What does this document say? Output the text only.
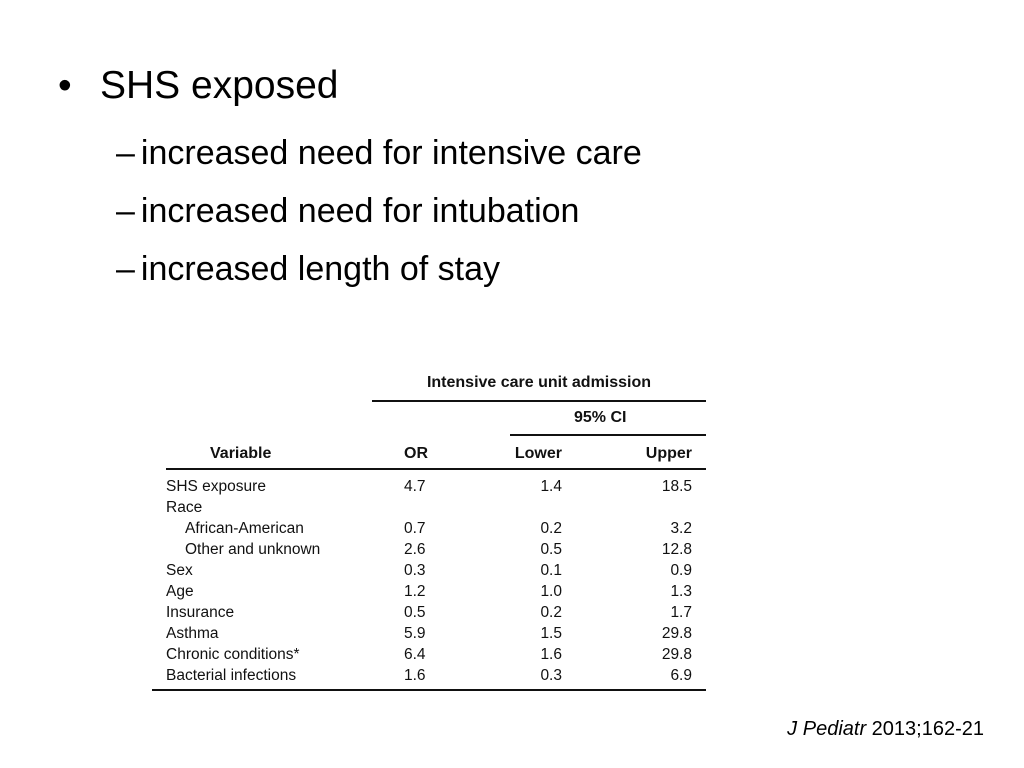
• SHS exposed
– increased need for intensive care
– increased need for intubation
– increased length of stay
Intensive care unit admission
95% CI
Variable	OR	Lower	Upper
SHS exposure	4.7	1.4	18.5
Race
African-American	0.7	0.2	3.2
Other and unknown	2.6	0.5	12.8
Sex	0.3	0.1	0.9
Age	1.2	1.0	1.3
Insurance	0.5	0.2	1.7
Asthma	5.9	1.5	29.8
Chronic conditions*	6.4	1.6	29.8
Bacterial infections	1.6	0.3	6.9
J Pediatr 2013;162-21
